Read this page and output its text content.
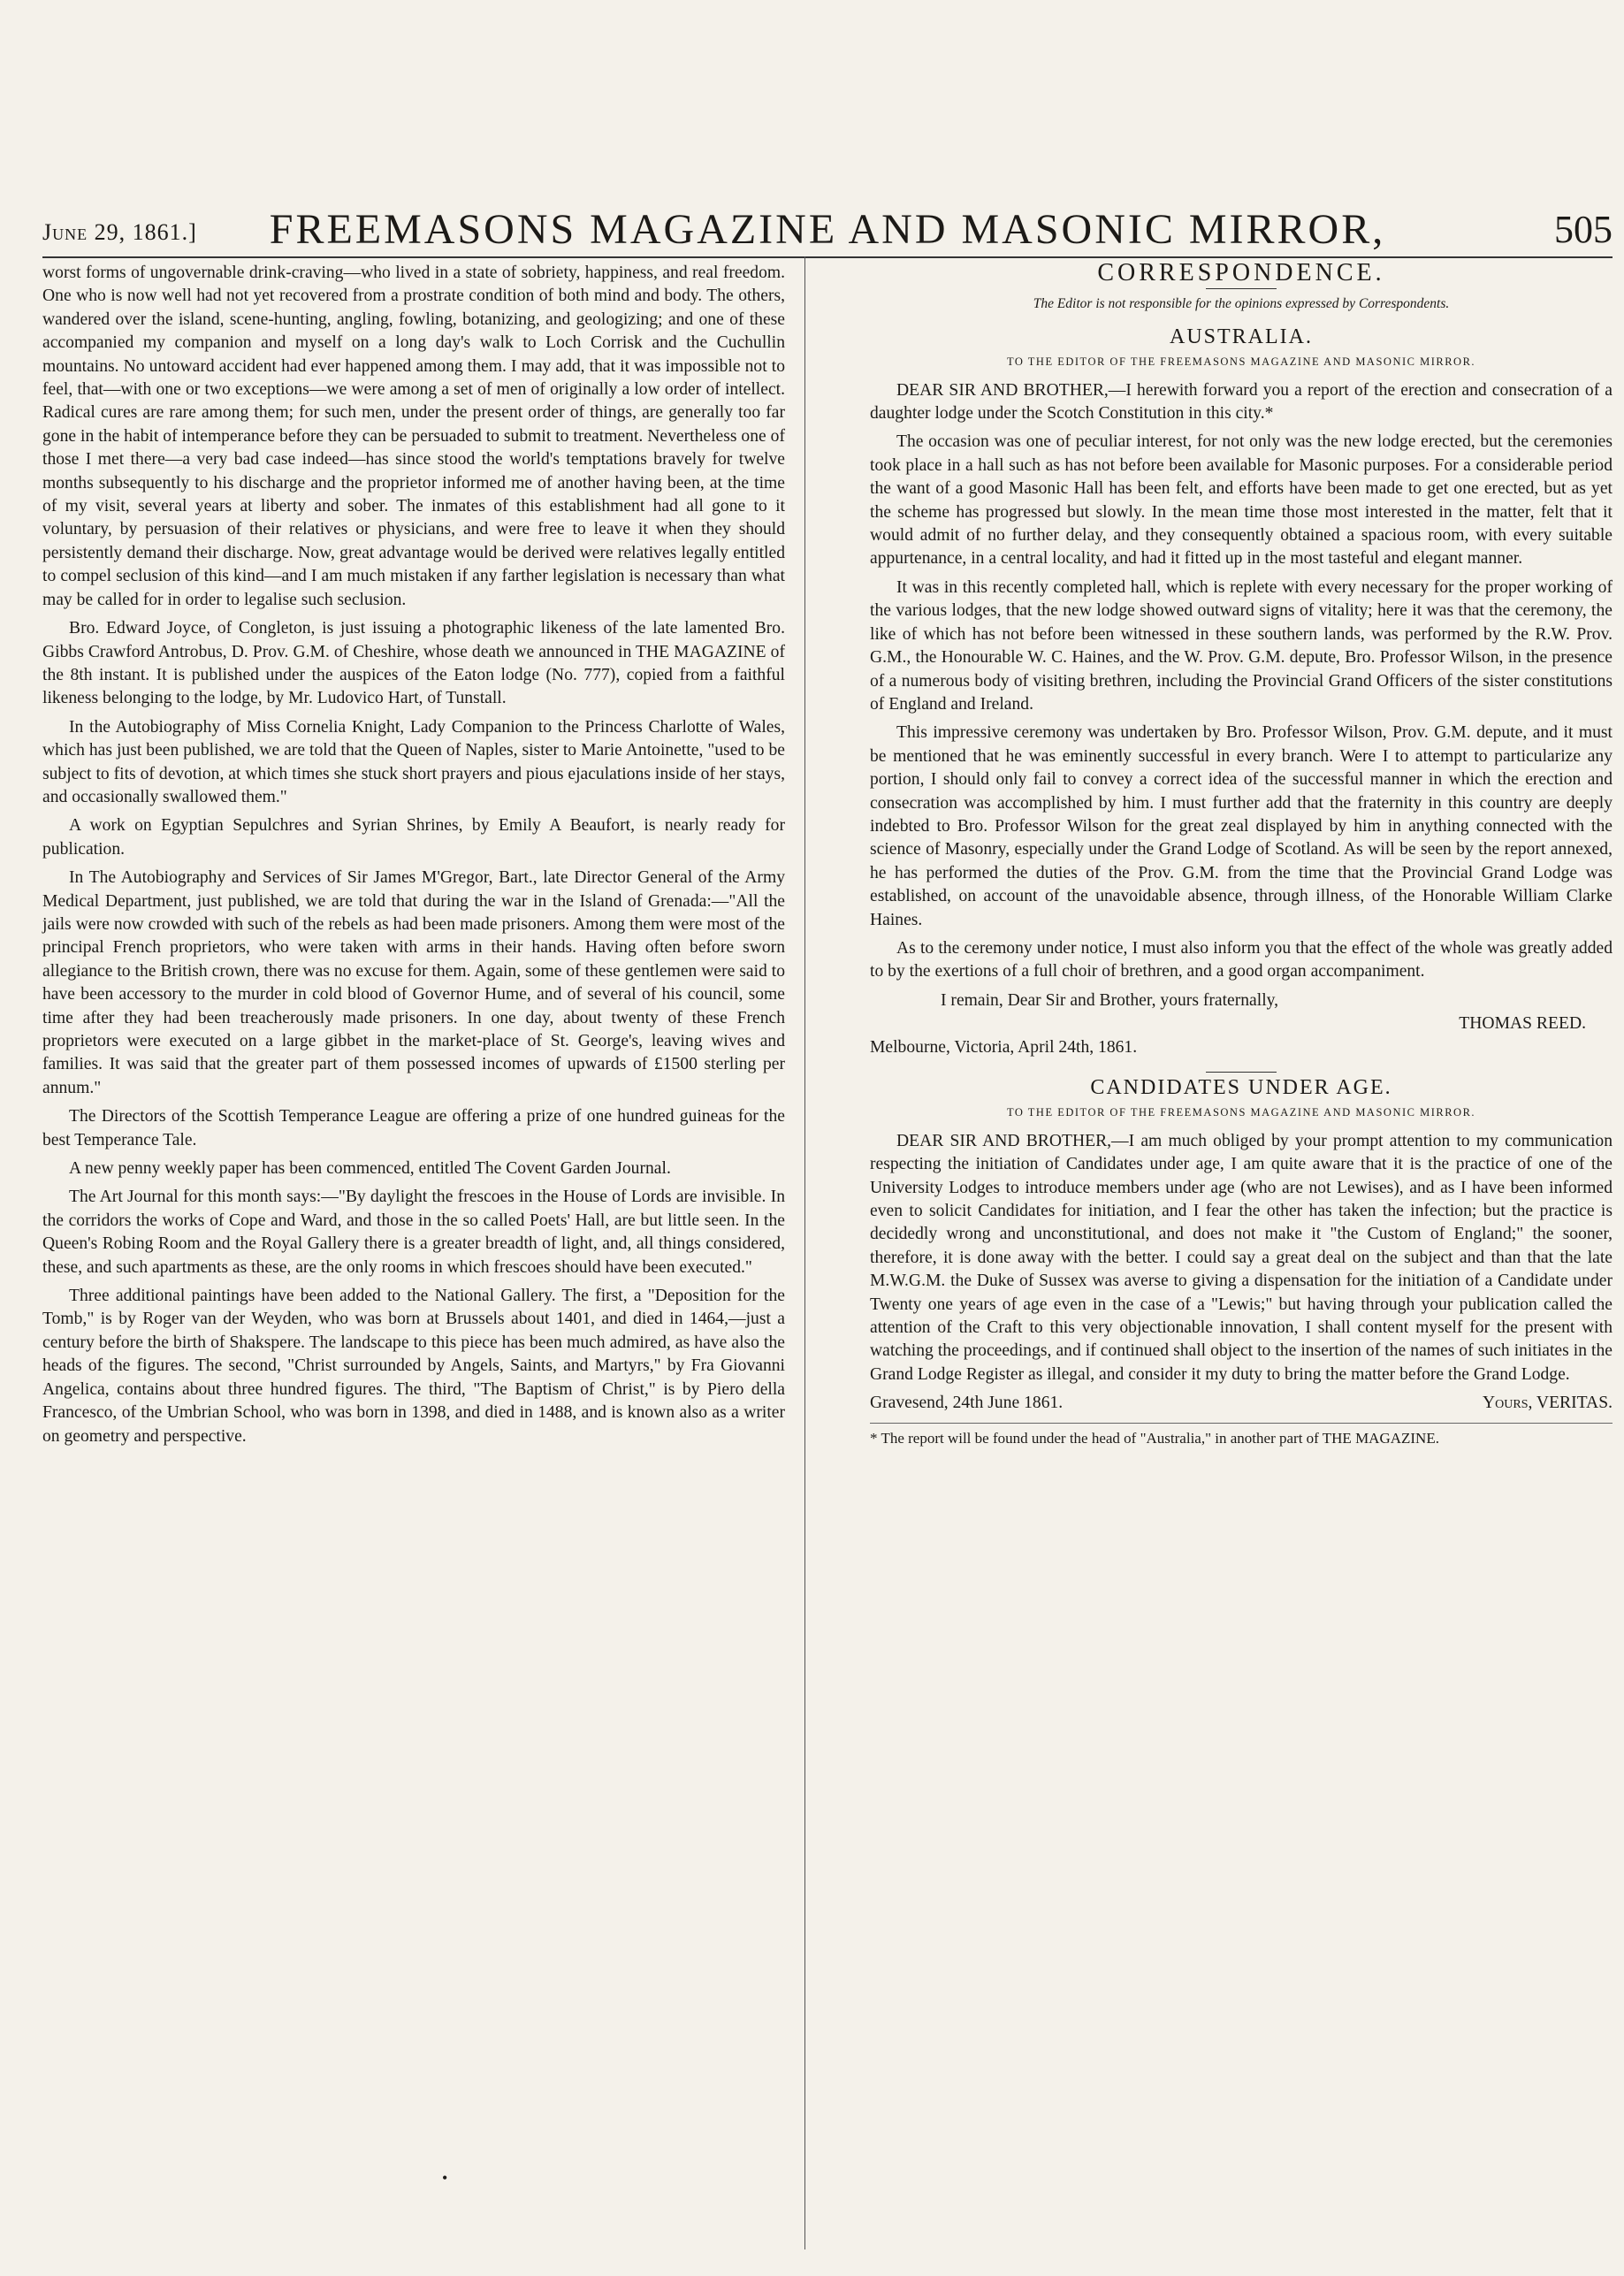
June 29, 1861.]	FREEMASONS MAGAZINE AND MASONIC MIRROR,	505

worst forms of ungovernable drink-craving—who lived in a state of sobriety, happiness, and real freedom. One who is now well had not yet recovered from a prostrate condition of both mind and body. The others, wandered over the island, scene-hunting, angling, fowling, botanizing, and geologizing; and one of these accompanied my companion and myself on a long day's walk to Loch Corrisk and the Cuchullin mountains. No untoward accident had ever happened among them. I may add, that it was impossible not to feel, that—with one or two exceptions—we were among a set of men of originally a low order of intellect. Radical cures are rare among them; for such men, under the present order of things, are generally too far gone in the habit of intemperance before they can be persuaded to submit to treatment. Nevertheless one of those I met there—a very bad case indeed—has since stood the world's temptations bravely for twelve months subsequently to his discharge and the proprietor informed me of another having been, at the time of my visit, several years at liberty and sober. The inmates of this establishment had all gone to it voluntary, by persuasion of their relatives or physicians, and were free to leave it when they should persistently demand their discharge. Now, great advantage would be derived were relatives legally entitled to compel seclusion of this kind—and I am much mistaken if any farther legislation is necessary than what may be called for in order to legalise such seclusion.

Bro. Edward Joyce, of Congleton, is just issuing a photographic likeness of the late lamented Bro. Gibbs Crawford Antrobus, D. Prov. G.M. of Cheshire, whose death we announced in THE MAGAZINE of the 8th instant. It is published under the auspices of the Eaton lodge (No. 777), copied from a faithful likeness belonging to the lodge, by Mr. Ludovico Hart, of Tunstall.

In the Autobiography of Miss Cornelia Knight, Lady Companion to the Princess Charlotte of Wales, which has just been published, we are told that the Queen of Naples, sister to Marie Antoinette, "used to be subject to fits of devotion, at which times she stuck short prayers and pious ejaculations inside of her stays, and occasionally swallowed them."

A work on Egyptian Sepulchres and Syrian Shrines, by Emily A Beaufort, is nearly ready for publication.

In The Autobiography and Services of Sir James M'Gregor, Bart., late Director General of the Army Medical Department, just published, we are told that during the war in the Island of Grenada:—"All the jails were now crowded with such of the rebels as had been made prisoners. Among them were most of the principal French proprietors, who were taken with arms in their hands. Having often before sworn allegiance to the British crown, there was no excuse for them. Again, some of these gentlemen were said to have been accessory to the murder in cold blood of Governor Hume, and of several of his council, some time after they had been treacherously made prisoners. In one day, about twenty of these French proprietors were executed on a large gibbet in the market-place of St. George's, leaving wives and families. It was said that the greater part of them possessed incomes of upwards of £1500 sterling per annum."

The Directors of the Scottish Temperance League are offering a prize of one hundred guineas for the best Temperance Tale.

A new penny weekly paper has been commenced, entitled The Covent Garden Journal.

The Art Journal for this month says:—"By daylight the frescoes in the House of Lords are invisible. In the corridors the works of Cope and Ward, and those in the so called Poets' Hall, are but little seen. In the Queen's Robing Room and the Royal Gallery there is a greater breadth of light, and, all things considered, these, and such apartments as these, are the only rooms in which frescoes should have been executed."

Three additional paintings have been added to the National Gallery. The first, a "Deposition for the Tomb," is by Roger van der Weyden, who was born at Brussels about 1401, and died in 1464,—just a century before the birth of Shakspere. The landscape to this piece has been much admired, as have also the heads of the figures. The second, "Christ surrounded by Angels, Saints, and Martyrs," by Fra Giovanni Angelica, contains about three hundred figures. The third, "The Baptism of Christ," is by Piero della Francesco, of the Umbrian School, who was born in 1398, and died in 1488, and is known also as a writer on geometry and perspective.

CORRESPONDENCE.
The Editor is not responsible for the opinions expressed by Correspondents.
AUSTRALIA.
TO THE EDITOR OF THE FREEMASONS MAGAZINE AND MASONIC MIRROR.

DEAR SIR AND BROTHER,—I herewith forward you a report of the erection and consecration of a daughter lodge under the Scotch Constitution in this city.*

The occasion was one of peculiar interest, for not only was the new lodge erected, but the ceremonies took place in a hall such as has not before been available for Masonic purposes. For a considerable period the want of a good Masonic Hall has been felt, and efforts have been made to get one erected, but as yet the scheme has progressed but slowly. In the mean time those most interested in the matter, felt that it would admit of no further delay, and they consequently obtained a spacious room, with every suitable appurtenance, in a central locality, and had it fitted up in the most tasteful and elegant manner.

It was in this recently completed hall, which is replete with every necessary for the proper working of the various lodges, that the new lodge showed outward signs of vitality; here it was that the ceremony, the like of which has not before been witnessed in these southern lands, was performed by the R.W. Prov. G.M., the Honourable W. C. Haines, and the W. Prov. G.M. depute, Bro. Professor Wilson, in the presence of a numerous body of visiting brethren, including the Provincial Grand Officers of the sister constitutions of England and Ireland.

This impressive ceremony was undertaken by Bro. Professor Wilson, Prov. G.M. depute, and it must be mentioned that he was eminently successful in every branch. Were I to attempt to particularize any portion, I should only fail to convey a correct idea of the successful manner in which the erection and consecration was accomplished by him. I must further add that the fraternity in this country are deeply indebted to Bro. Professor Wilson for the great zeal displayed by him in anything connected with the science of Masonry, especially under the Grand Lodge of Scotland. As will be seen by the report annexed, he has performed the duties of the Prov. G.M. from the time that the Provincial Grand Lodge was established, on account of the unavoidable absence, through illness, of the Honorable William Clarke Haines.

As to the ceremony under notice, I must also inform you that the effect of the whole was greatly added to by the exertions of a full choir of brethren, and a good organ accompaniment.

I remain, Dear Sir and Brother, yours fraternally,

THOMAS REED.

Melbourne, Victoria, April 24th, 1861.

CANDIDATES UNDER AGE.
TO THE EDITOR OF THE FREEMASONS MAGAZINE AND MASONIC MIRROR.

DEAR SIR AND BROTHER,—I am much obliged by your prompt attention to my communication respecting the initiation of Candidates under age, I am quite aware that it is the practice of one of the University Lodges to introduce members under age (who are not Lewises), and as I have been informed even to solicit Candidates for initiation, and I fear the other has taken the infection; but the practice is decidedly wrong and unconstitutional, and does not make it "the Custom of England;" the sooner, therefore, it is done away with the better. I could say a great deal on the subject and than that the late M.W.G.M. the Duke of Sussex was averse to giving a dispensation for the initiation of a Candidate under Twenty one years of age even in the case of a "Lewis;" but having through your publication called the attention of the Craft to this very objectionable innovation, I shall content myself for the present with watching the proceedings, and if continued shall object to the insertion of the names of such initiates in the Grand Lodge Register as illegal, and consider it my duty to bring the matter before the Grand Lodge.

Gravesend, 24th June 1861.	Yours, VERITAS.
* The report will be found under the head of "Australia," in another part of THE MAGAZINE.
•
